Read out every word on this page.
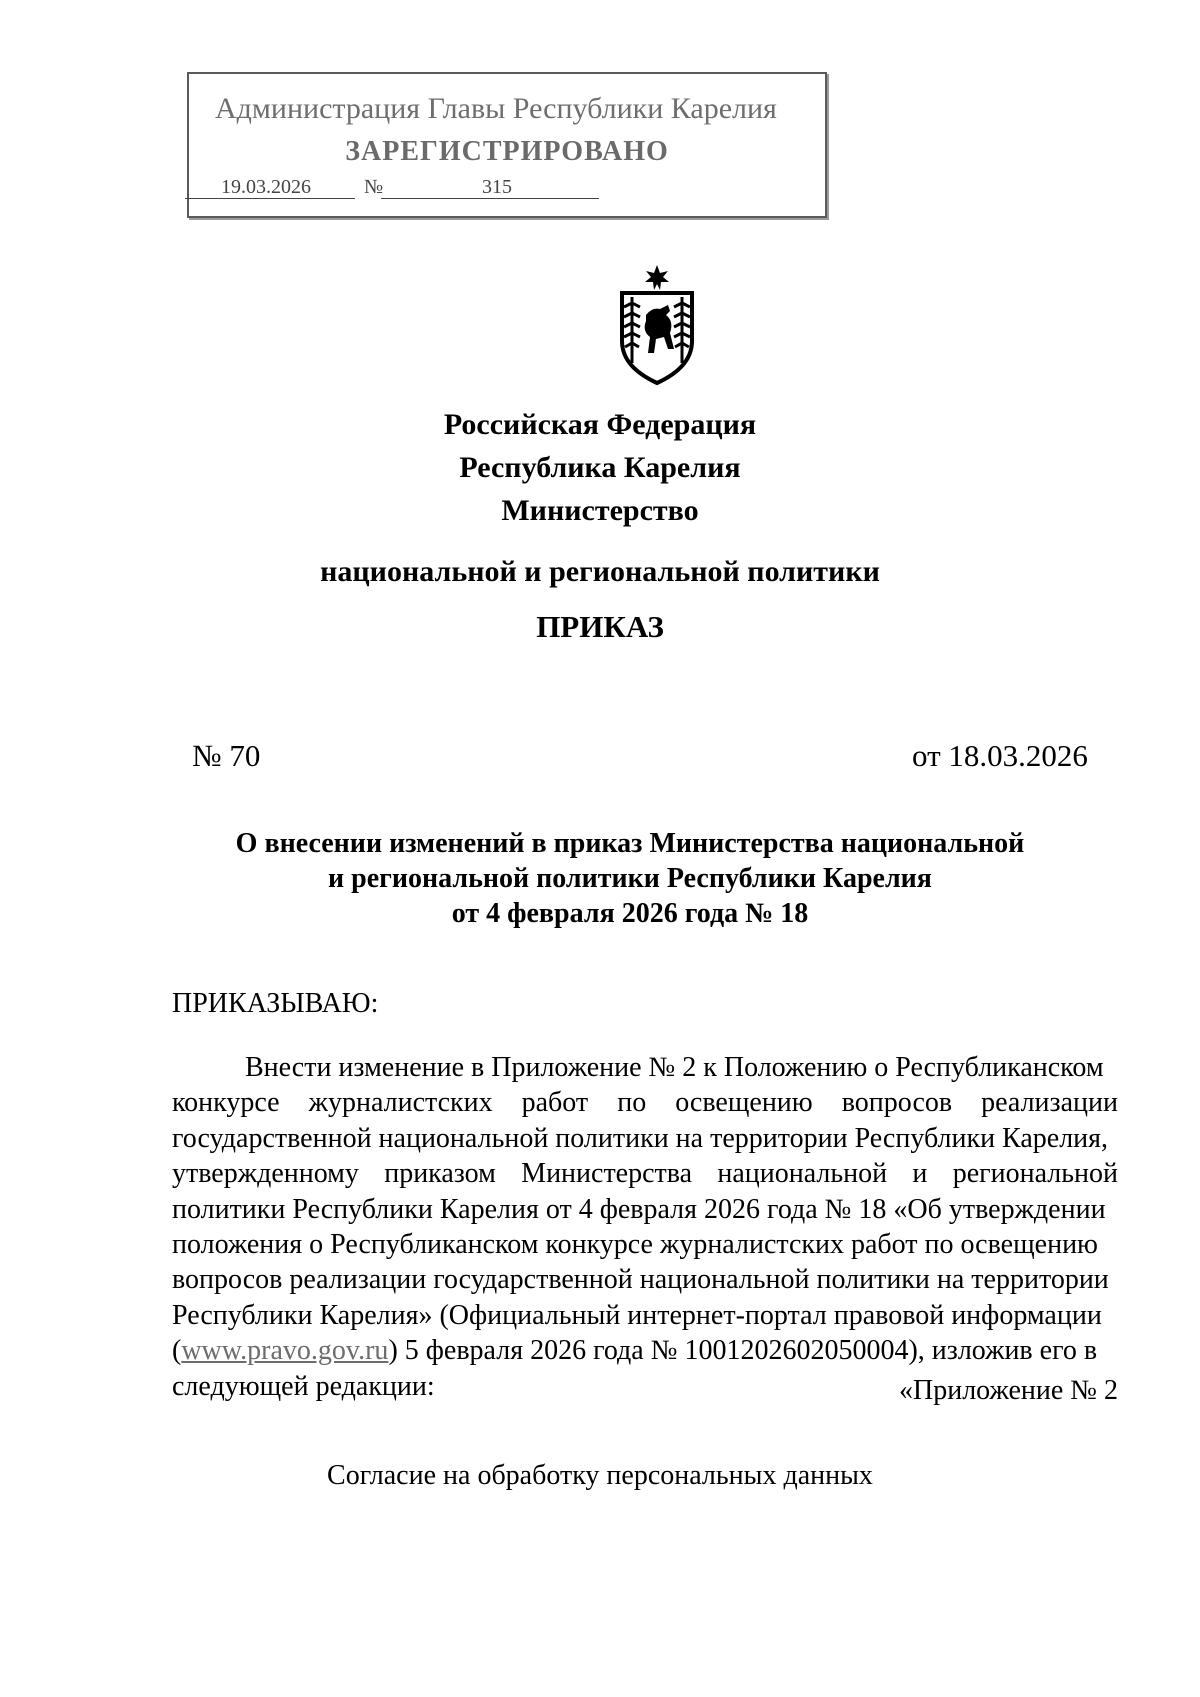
Администрация Главы Республики Карелия
ЗАРЕГИСТРИРОВАНО
19.03.2026	№	315
Российская Федерация
Республика Карелия
Министерство
национальной и региональной политики
ПРИКАЗ
№ 70	от 18.03.2026
О внесении изменений в приказ Министерства национальной
и региональной политики Республики Карелия
от 4 февраля 2026 года № 18
ПРИКАЗЫВАЮ:
Внести изменение в Приложение № 2 к Положению о Республиканском
конкурсе журналистских работ по освещению вопросов реализации
государственной национальной политики на территории Республики Карелия,
утвержденному приказом Министерства национальной и региональной
политики Республики Карелия от 4 февраля 2026 года № 18 «Об утверждении
положения о Республиканском конкурсе журналистских работ по освещению
вопросов реализации государственной национальной политики на территории
Республики Карелия» (Официальный интернет-портал правовой информации
(www.pravo.gov.ru) 5 февраля 2026 года № 1001202602050004), изложив его в
следующей редакции:	«Приложение № 2
Согласие на обработку персональных данных
